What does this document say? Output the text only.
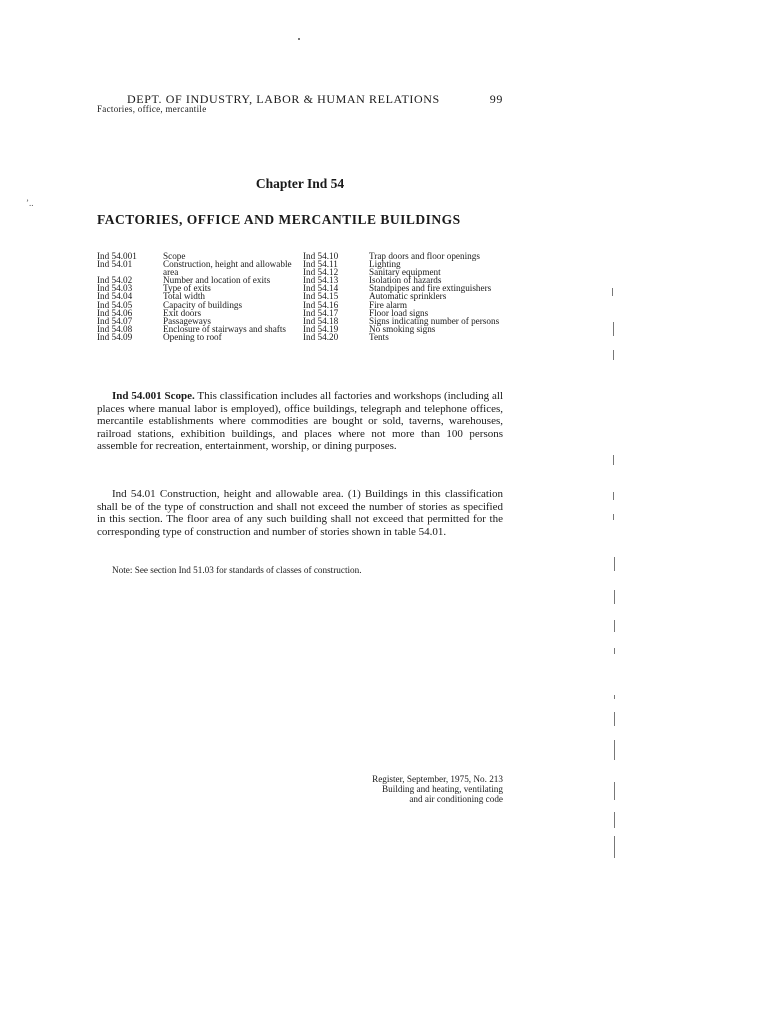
DEPT. OF INDUSTRY, LABOR & HUMAN RELATIONS	99
Factories, office, mercantile
Chapter Ind 54
FACTORIES, OFFICE AND MERCANTILE BUILDINGS
Ind 54.001	Scope
Ind 54.01	Construction, height and allowable area
Ind 54.02	Number and location of exits
Ind 54.03	Type of exits
Ind 54.04	Total width
Ind 54.05	Capacity of buildings
Ind 54.06	Exit doors
Ind 54.07	Passageways
Ind 54.08	Enclosure of stairways and shafts
Ind 54.09	Opening to roof
Ind 54.10	Trap doors and floor openings
Ind 54.11	Lighting
Ind 54.12	Sanitary equipment
Ind 54.13	Isolation of hazards
Ind 54.14	Standpipes and fire extinguishers
Ind 54.15	Automatic sprinklers
Ind 54.16	Fire alarm
Ind 54.17	Floor load signs
Ind 54.18	Signs indicating number of persons
Ind 54.19	No smoking signs
Ind 54.20	Tents
Ind 54.001 Scope. This classification includes all factories and workshops (including all places where manual labor is employed), office buildings, telegraph and telephone offices, mercantile establishments where commodities are bought or sold, taverns, warehouses, railroad stations, exhibition buildings, and places where not more than 100 persons assemble for recreation, entertainment, worship, or dining purposes.
Ind 54.01 Construction, height and allowable area. (1) Buildings in this classification shall be of the type of construction and shall not exceed the number of stories as specified in this section. The floor area of any such building shall not exceed that permitted for the corresponding type of construction and number of stories shown in table 54.01.
Note: See section Ind 51.03 for standards of classes of construction.
Register, September, 1975, No. 213
Building and heating, ventilating
and air conditioning code
ʼ..
